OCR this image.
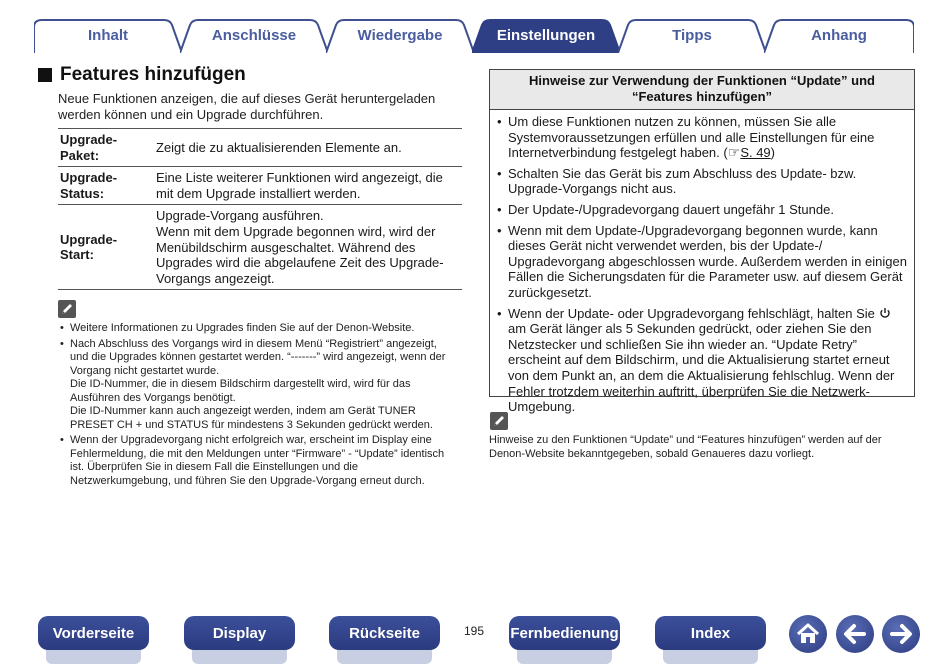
Inhalt	Anschlüsse	Wiedergabe	Einstellungen	Tipps	Anhang
Features hinzufügen

Neue Funktionen anzeigen, die auf dieses Gerät heruntergeladen werden können und ein Upgrade durchführen.

Upgrade-
Paket:	Zeigt die zu aktualisierenden Elemente an.
Upgrade-
Status:	Eine Liste weiterer Funktionen wird angezeigt, die mit dem Upgrade installiert werden.
Upgrade-
Start:	Upgrade-Vorgang ausführen.
Wenn mit dem Upgrade begonnen wird, wird der Menübildschirm ausgeschaltet. Während des Upgrades wird die abgelaufene Zeit des Upgrade-Vorgangs angezeigt.
• Weitere Informationen zu Upgrades finden Sie auf der Denon-Website.
• Nach Abschluss des Vorgangs wird in diesem Menü “Registriert” angezeigt, und die Upgrades können gestartet werden. “-------” wird angezeigt, wenn der Vorgang nicht gestartet wurde.
Die ID-Nummer, die in diesem Bildschirm dargestellt wird, wird für das Ausführen des Vorgangs benötigt.
Die ID-Nummer kann auch angezeigt werden, indem am Gerät TUNER PRESET CH + und STATUS für mindestens 3 Sekunden gedrückt werden.
• Wenn der Upgradevorgang nicht erfolgreich war, erscheint im Display eine Fehlermeldung, die mit den Meldungen unter “Firmware” - “Update” identisch ist. Überprüfen Sie in diesem Fall die Einstellungen und die Netzwerkumgebung, und führen Sie den Upgrade-Vorgang erneut durch.
Hinweise zur Verwendung der Funktionen “Update” und “Features hinzufügen”
• Um diese Funktionen nutzen zu können, müssen Sie alle Systemvoraussetzungen erfüllen und alle Einstellungen für eine Internetverbindung festgelegt haben. ( ☞ S. 49 )
• Schalten Sie das Gerät bis zum Abschluss des Update- bzw. Upgrade-Vorgangs nicht aus.
• Der Update-/Upgradevorgang dauert ungefähr 1 Stunde.
• Wenn mit dem Update-/Upgradevorgang begonnen wurde, kann dieses Gerät nicht verwendet werden, bis der Update-/ Upgradevorgang abgeschlossen wurde. Außerdem werden in einigen Fällen die Sicherungsdaten für die Parameter usw. auf diesem Gerät zurückgesetzt.
• Wenn der Update- oder Upgradevorgang fehlschlägt, halten Sie  am Gerät länger als 5 Sekunden gedrückt, oder ziehen Sie den Netzstecker und schließen Sie ihn wieder an. “Update Retry” erscheint auf dem Bildschirm, und die Aktualisierung startet erneut von dem Punkt an, an dem die Aktualisierung fehlschlug. Wenn der Fehler trotzdem weiterhin auftritt, überprüfen Sie die Netzwerk-Umgebung.

Hinweise zu den Funktionen “Update” und “Features hinzufügen” werden auf der Denon-Website bekanntgegeben, sobald Genaueres dazu vorliegt.

Vorderseite	Display	Rückseite	195 Fernbedienung	Index
